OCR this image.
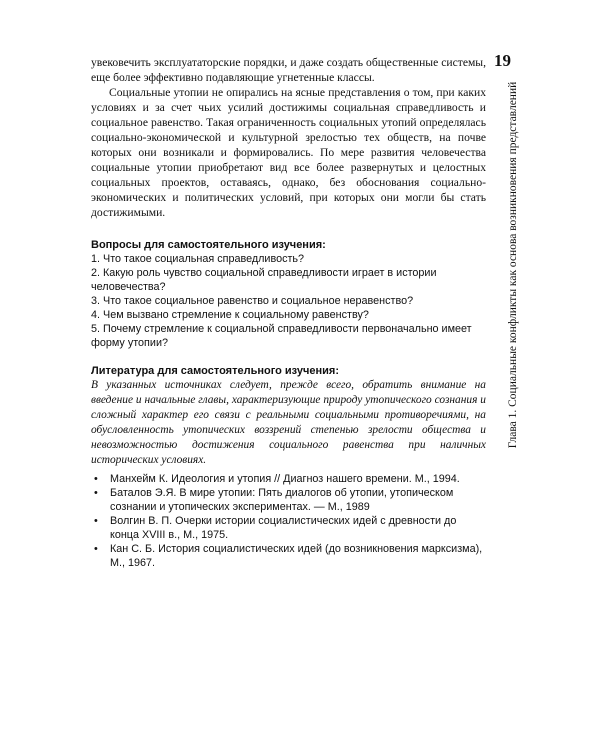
увековечить эксплуататорские порядки, и даже создать общественные системы, еще более эффективно подавляющие угнетенные классы.

Социальные утопии не опирались на ясные представления о том, при каких условиях и за счет чьих усилий достижимы социальная справедливость и социальное равенство. Такая ограниченность социальных утопий определялась социально-экономической и культурной зрелостью тех обществ, на почве которых они возникали и формировались. По мере развития человечества социальные утопии приобретают вид все более развернутых и целостных социальных проектов, оставаясь, однако, без обоснования социально-экономических и политических условий, при которых они могли бы стать достижимыми.

Вопросы для самостоятельного изучения:
1. Что такое социальная справедливость?
2. Какую роль чувство социальной справедливости играет в истории человечества?
3. Что такое социальное равенство и социальное неравенство?
4. Чем вызвано стремление к социальному равенству?
5. Почему стремление к социальной справедливости первоначально имеет форму утопии?
Литература для самостоятельного изучения:

В указанных источниках следует, прежде всего, обратить внимание на введение и начальные главы, характеризующие природу утопического сознания и сложный характер его связи с реальными социальными противоречиями, на обусловленность утопических воззрений степенью зрелости общества и невозможностью достижения социального равенства при наличных исторических условиях.

• Манхейм К. Идеология и утопия // Диагноз нашего времени. М., 1994.
• Баталов Э.Я. В мире утопии: Пять диалогов об утопии, утопическом сознании и утопических экспериментах. — М., 1989
• Волгин В. П. Очерки истории социалистических идей с древности до конца XVIII в., М., 1975.
• Кан С. Б. История социалистических идей (до возникновения марксизма), М., 1967.

19

Глава 1. Социальные конфликты как основа возникновения представлений
